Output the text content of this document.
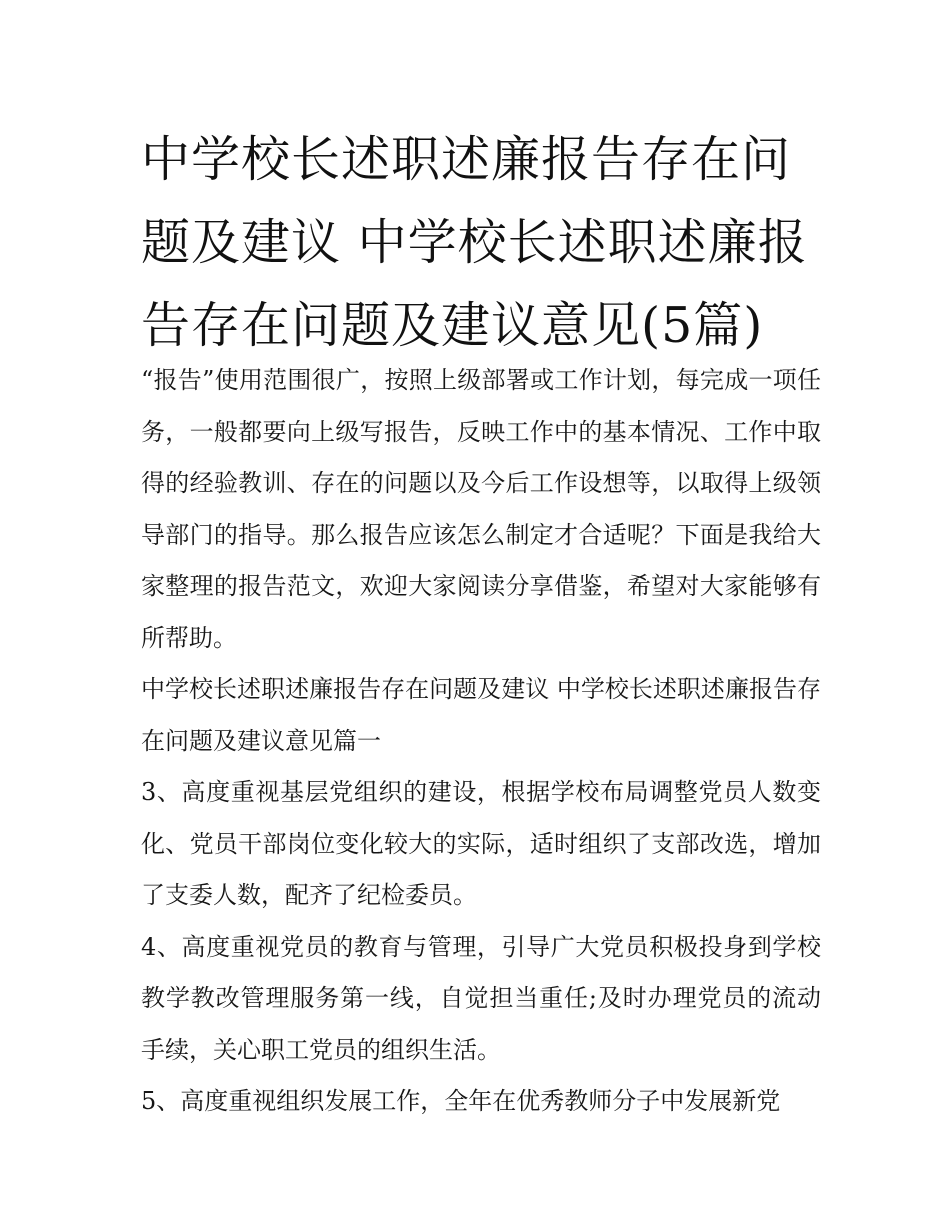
中学校长述职述廉报告存在问题及建议 中学校长述职述廉报告存在问题及建议意见(5篇)

“报告”使用范围很广，按照上级部署或工作计划，每完成一项任务，一般都要向上级写报告，反映工作中的基本情况、工作中取得的经验教训、存在的问题以及今后工作设想等，以取得上级领导部门的指导。那么报告应该怎么制定才合适呢？下面是我给大家整理的报告范文，欢迎大家阅读分享借鉴，希望对大家能够有所帮助。

中学校长述职述廉报告存在问题及建议 中学校长述职述廉报告存在问题及建议意见篇一

3、高度重视基层党组织的建设，根据学校布局调整党员人数变化、党员干部岗位变化较大的实际，适时组织了支部改选，增加了支委人数，配齐了纪检委员。

4、高度重视党员的教育与管理，引导广大党员积极投身到学校教学教改管理服务第一线，自觉担当重任;及时办理党员的流动手续，关心职工党员的组织生活。

5、高度重视组织发展工作，全年在优秀教师分子中发展新党
